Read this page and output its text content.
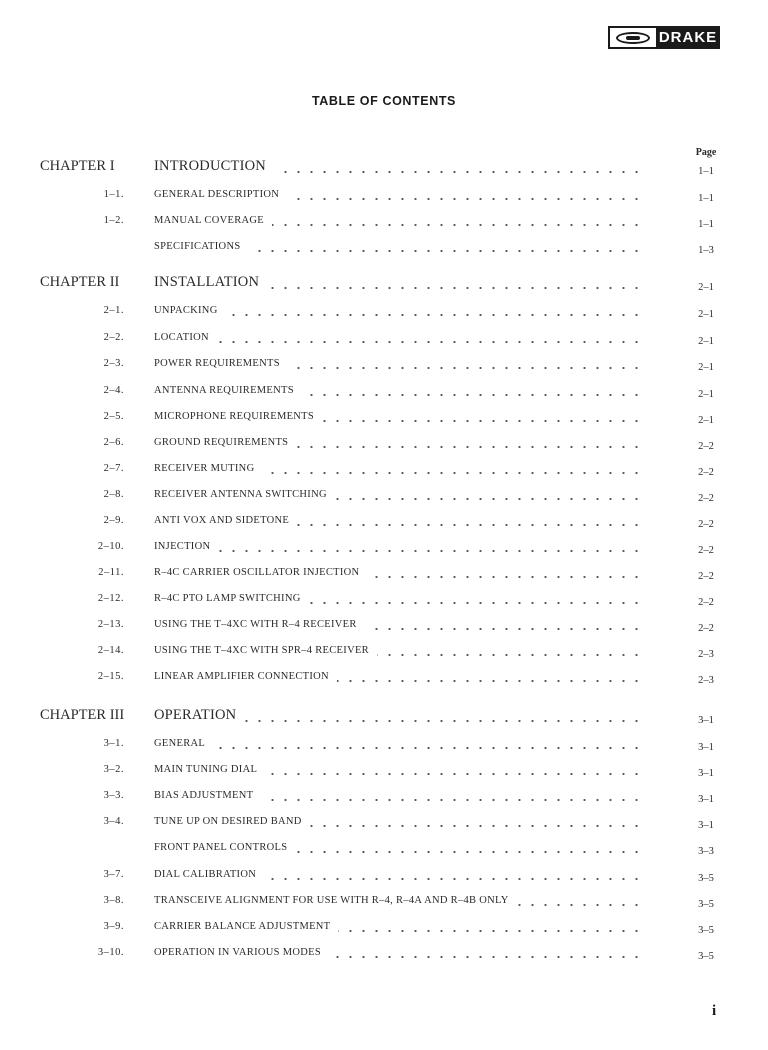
DRAKE
TABLE OF CONTENTS
Page
CHAPTER I	INTRODUCTION	1–1
1–1.	GENERAL DESCRIPTION	1–1
1–2.	MANUAL COVERAGE	1–1
SPECIFICATIONS	1–3
CHAPTER II	INSTALLATION	2–1
2–1.	UNPACKING	2–1
2–2.	LOCATION	2–1
2–3.	POWER REQUIREMENTS	2–1
2–4.	ANTENNA REQUIREMENTS	2–1
2–5.	MICROPHONE REQUIREMENTS	2–1
2–6.	GROUND REQUIREMENTS	2–2
2–7.	RECEIVER MUTING	2–2
2–8.	RECEIVER ANTENNA SWITCHING	2–2
2–9.	ANTI VOX AND SIDETONE	2–2
2–10.	INJECTION	2–2
2–11.	R–4C CARRIER OSCILLATOR INJECTION	2–2
2–12.	R–4C PTO LAMP SWITCHING	2–2
2–13.	USING THE T–4XC WITH R–4 RECEIVER	2–2
2–14.	USING THE T–4XC WITH SPR–4 RECEIVER	2–3
2–15.	LINEAR AMPLIFIER CONNECTION	2–3
CHAPTER III	OPERATION	3–1
3–1.	GENERAL	3–1
3–2.	MAIN TUNING DIAL	3–1
3–3.	BIAS ADJUSTMENT	3–1
3–4.	TUNE UP ON DESIRED BAND	3–1
FRONT PANEL CONTROLS	3–3
3–7.	DIAL CALIBRATION	3–5
3–8.	TRANSCEIVE ALIGNMENT FOR USE WITH R–4, R–4A AND R–4B ONLY	3–5
3–9.	CARRIER BALANCE ADJUSTMENT	3–5
3–10.	OPERATION IN VARIOUS MODES	3–5
i
